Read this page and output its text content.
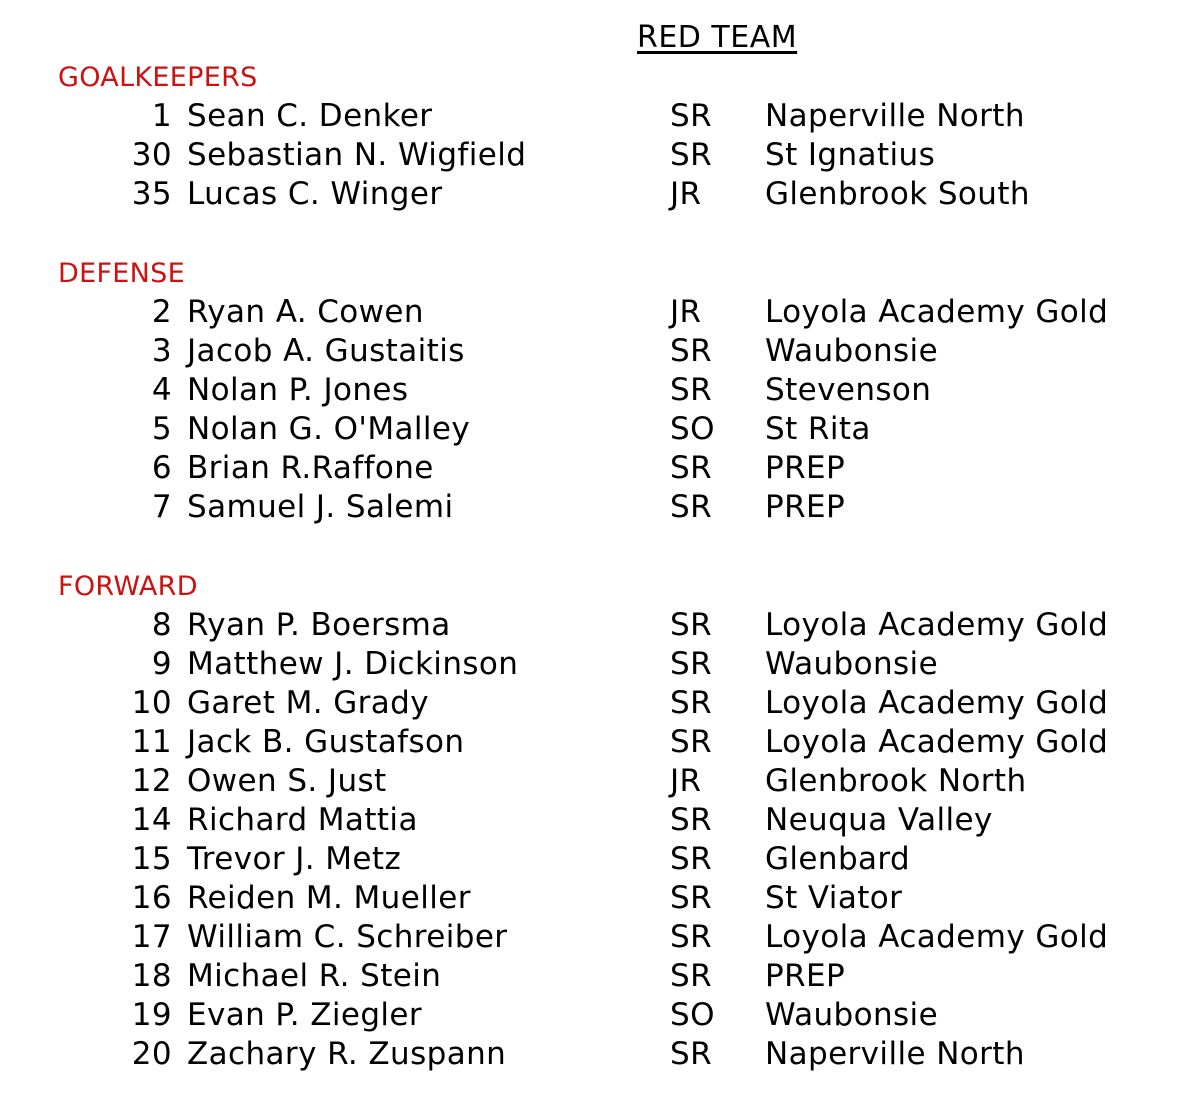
RED TEAM
GOALKEEPERS
1 Sean C. Denker	SR Naperville North
30 Sebastian N. Wigfield	SR St Ignatius
35 Lucas C. Winger	JR Glenbrook South
DEFENSE
2 Ryan A. Cowen	JR Loyola Academy Gold
3 Jacob A. Gustaitis	SR Waubonsie
4 Nolan P. Jones	SR Stevenson
5 Nolan G. O'Malley	SO St Rita
6 Brian R.Raffone	SR PREP
7 Samuel J. Salemi	SR PREP
FORWARD
8 Ryan P. Boersma	SR Loyola Academy Gold
9 Matthew J. Dickinson	SR Waubonsie
10 Garet M. Grady	SR Loyola Academy Gold
11 Jack B. Gustafson	SR Loyola Academy Gold
12 Owen S. Just	JR Glenbrook North
14 Richard Mattia	SR Neuqua Valley
15 Trevor J. Metz	SR Glenbard
16 Reiden M. Mueller	SR St Viator
17 William C. Schreiber	SR Loyola Academy Gold
18 Michael R. Stein	SR PREP
19 Evan P. Ziegler	SO Waubonsie
20 Zachary R. Zuspann	SR Naperville North
